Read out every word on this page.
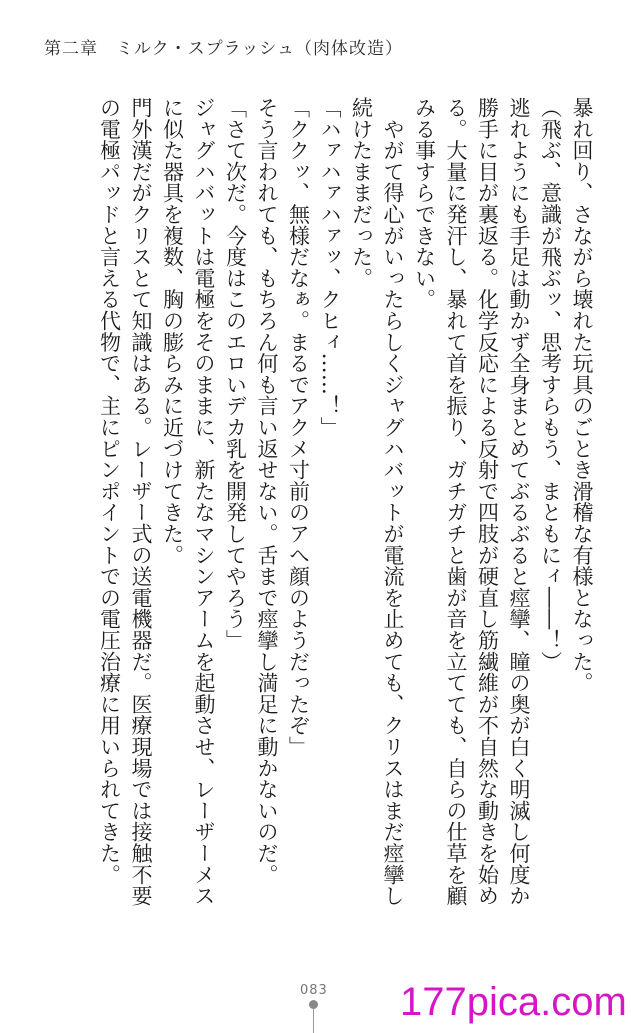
第二章　ミルク・スプラッシュ（肉体改造）

暴れ回り、さながら壊れた玩具のごとき滑稽な有様となった。

（飛ぶ、意識が飛ぶッ、思考すらもう、まともにィ――！）

逃れようにも手足は動かず全身まとめてぶるぶると痙攣、瞳の奥が白く明滅し何度か勝手に目が裏返る。化学反応による反射で四肢が硬直し筋繊維が不自然な動きを始める。大量に発汗し、暴れて首を振り、ガチガチと歯が音を立てても、自らの仕草を顧みる事すらできない。

　やがて得心がいったらしくジャグハバットが電流を止めても、クリスはまだ痙攣し続けたままだった。

「ハァハァハァッ、クヒィ……！」

「ククッ、無様だなぁ。まるでアクメ寸前のアへ顔のようだったぞ」

そう言われても、もちろん何も言い返せない。舌まで痙攣し満足に動かないのだ。

「さて次だ。今度はこのエロいデカ乳を開発してやろう」

ジャグハバットは電極をそのままに、新たなマシンアームを起動させ、レーザーメスに似た器具を複数、胸の膨らみに近づけてきた。

門外漢だがクリスとて知識はある。レーザー式の送電機器だ。医療現場では接触不要の電極パッドと言える代物で、主にピンポイントでの電圧治療に用いられてきた。

083 177pica.com
